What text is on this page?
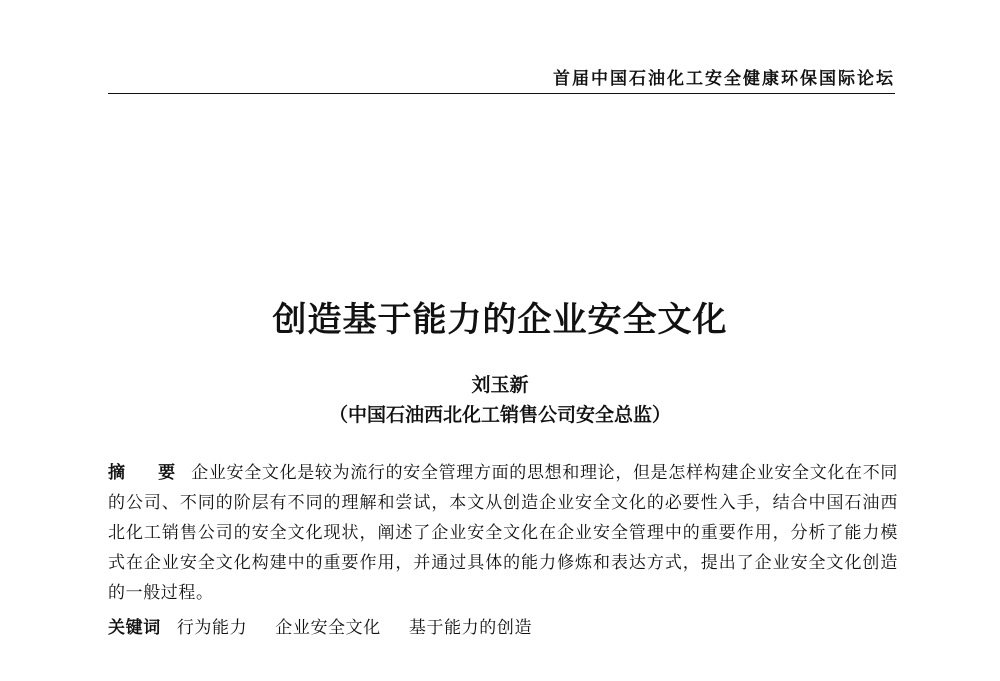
首届中国石油化工安全健康环保国际论坛
创造基于能力的企业安全文化
刘玉新
（中国石油西北化工销售公司安全总监）
摘　要 企业安全文化是较为流行的安全管理方面的思想和理论，但是怎样构建企业安全文化在不同的公司、不同的阶层有不同的理解和尝试，本文从创造企业安全文化的必要性入手，结合中国石油西北化工销售公司的安全文化现状，阐述了企业安全文化在企业安全管理中的重要作用，分析了能力模式在企业安全文化构建中的重要作用，并通过具体的能力修炼和表达方式，提出了企业安全文化创造的一般过程。
关键词 行为能力 企业安全文化 基于能力的创造
